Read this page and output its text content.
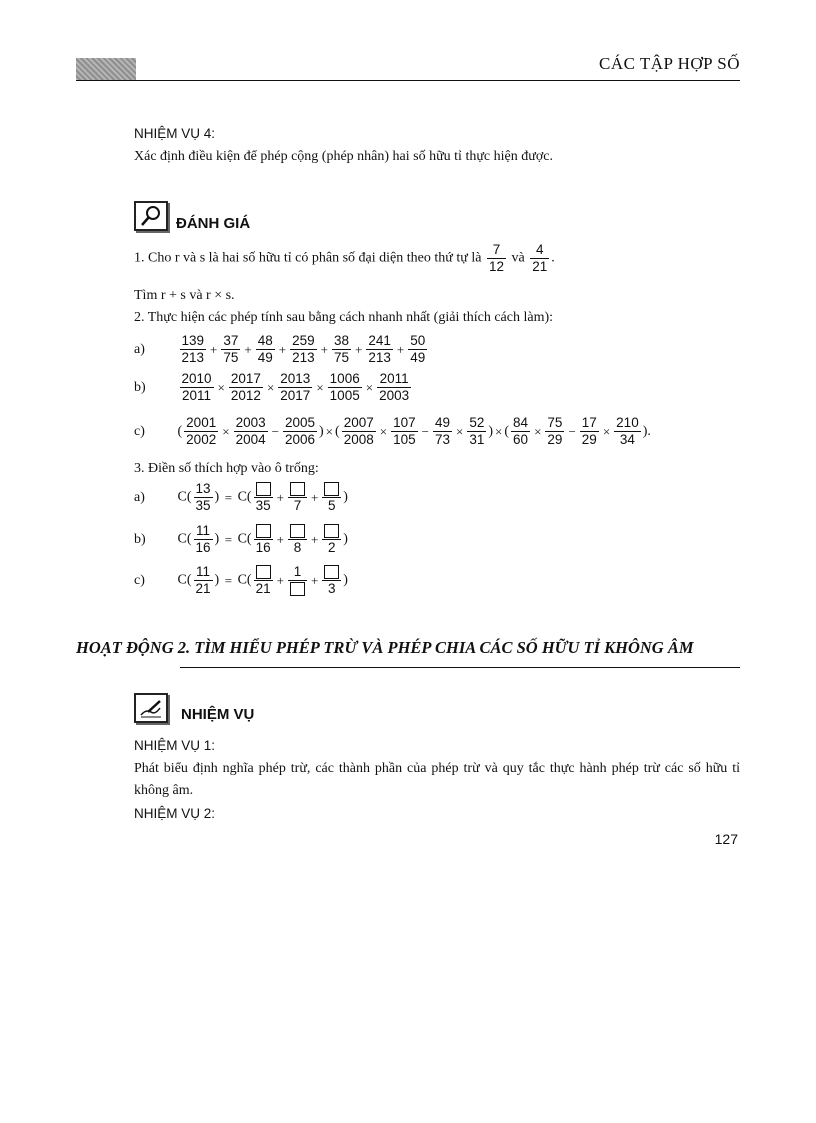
CÁC TẬP HỢP SỐ
NHIỆM VỤ 4:
Xác định điều kiện để phép cộng (phép nhân) hai số hữu tỉ thực hiện được.
ĐÁNH GIÁ
1. Cho r và s là hai số hữu tỉ có phân số đại diện theo thứ tự là $\frac{7}{12}$ và $\frac{4}{21}$ .
Tìm r + s và r × s.
2. Thực hiện các phép tính sau bằng cách nhanh nhất (giải thích cách làm):
a)	$\frac{139}{213} + \frac{37}{75} + \frac{48}{49} + \frac{259}{213} + \frac{38}{75} + \frac{241}{213} + \frac{50}{49}$
b)	$\frac{2010}{2011} \times \frac{2017}{2012} \times \frac{2013}{2017} \times \frac{1006}{1005} \times \frac{2011}{2003}$
c) ( $\frac{2001}{2002} \times \frac{2003}{2004} - \frac{2005}{2006}$ ) × ( $\frac{2007}{2008} \times \frac{107}{105} - \frac{49}{73} \times \frac{52}{31}$ ) × ( $\frac{84}{60} \times \frac{75}{29} - \frac{17}{29} \times \frac{210}{34}$ ).
3. Điền số thích hợp vào ô trống:
a) $C( \frac{13}{35}$ ) = C(
35
+
7
+
5
)
b) $C( \frac{11}{16}$ ) = C(
16
+
8
+
2
)
c) $C( \frac{11}{21}$ ) = C(
21
+
1
+
3
)
HOẠT ĐỘNG 2. TÌM HIỂU PHÉP TRỪ VÀ PHÉP CHIA CÁC SỐ HỮU TỈ KHÔNG ÂM
NHIỆM VỤ
NHIỆM VỤ 1:
Phát biểu định nghĩa phép trừ, các thành phần của phép trừ và quy tắc thực hành phép trừ các số hữu tỉ không âm.
NHIỆM VỤ 2:
127
